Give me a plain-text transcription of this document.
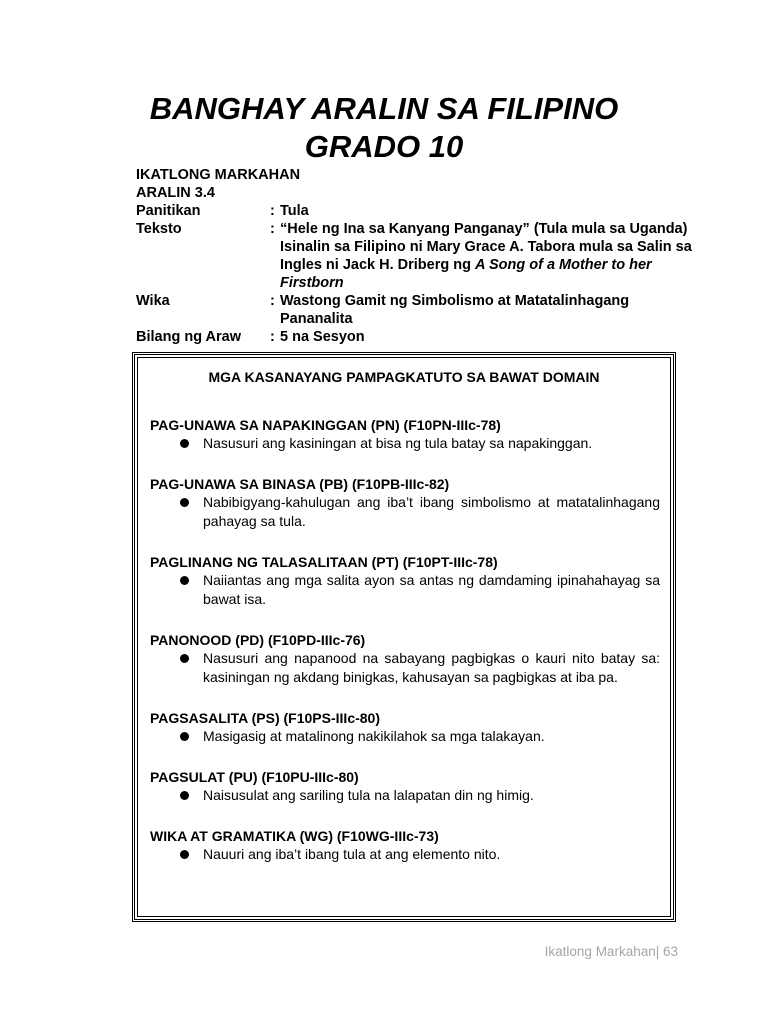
BANGHAY ARALIN SA FILIPINO
GRADO 10
IKATLONG MARKAHAN
ARALIN 3.4
Panitikan	: Tula
Teksto	: “Hele ng Ina sa Kanyang Panganay” (Tula mula sa Uganda) Isinalin sa Filipino ni Mary Grace A. Tabora mula sa Salin sa Ingles ni Jack H. Driberg ng A Song of a Mother to her Firstborn
Wika	: Wastong Gamit ng Simbolismo at Matatalinhagang Pananalita
Bilang ng Araw	: 5 na Sesyon
MGA KASANAYANG PAMPAGKATUTO SA BAWAT DOMAIN
PAG-UNAWA SA NAPAKINGGAN (PN) (F10PN-IIIc-78)
Nasusuri ang kasiningan at bisa ng tula batay sa napakinggan.
PAG-UNAWA SA BINASA (PB) (F10PB-IIIc-82)
Nabibigyang-kahulugan ang iba’t ibang simbolismo at matatalinhagang pahayag sa tula.
PAGLINANG NG TALASALITAAN (PT) (F10PT-IIIc-78)
Naiiantas ang mga salita ayon sa antas ng damdaming ipinahahayag sa bawat isa.
PANONOOD (PD) (F10PD-IIIc-76)
Nasusuri ang napanood na sabayang pagbigkas o kauri nito batay sa: kasiningan ng akdang binigkas, kahusayan sa pagbigkas at iba pa.
PAGSASALITA (PS) (F10PS-IIIc-80)
Masigasig at matalinong nakikilahok sa mga talakayan.
PAGSULAT (PU) (F10PU-IIIc-80)
Naisusulat ang sariling tula na lalapatan din ng himig.
WIKA AT GRAMATIKA (WG) (F10WG-IIIc-73)
Nauuri ang iba’t ibang tula at ang elemento nito.
Ikatlong Markahan| 63
